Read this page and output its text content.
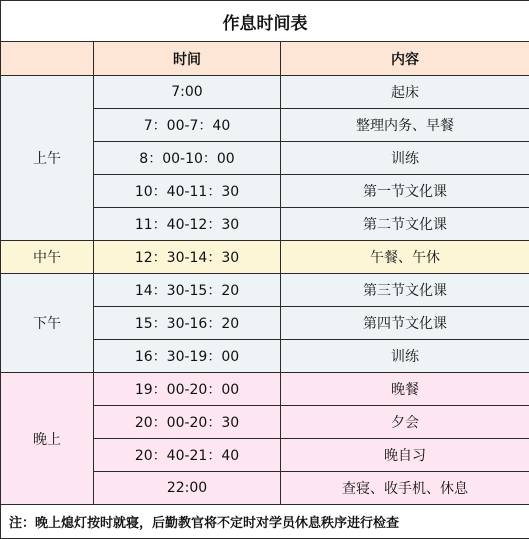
作息时间表		
	时间	内容
上午	7:00	起床
	7：00-7：40	整理内务、早餐
	8：00-10：00	训练
	10：40-11：30	第一节文化课
	11：40-12：30	第二节文化课
中午	12：30-14：30	午餐、午休
下午	14：30-15：20	第三节文化课
	15：30-16：20	第四节文化课
	16：30-19：00	训练
晚上	19：00-20：00	晚餐
	20：00-20：30	夕会
	20：40-21：40	晚自习
	22:00	查寝、收手机、休息
注：晚上熄灯按时就寝，后勤教官将不定时对学员休息秩序进行检查		
